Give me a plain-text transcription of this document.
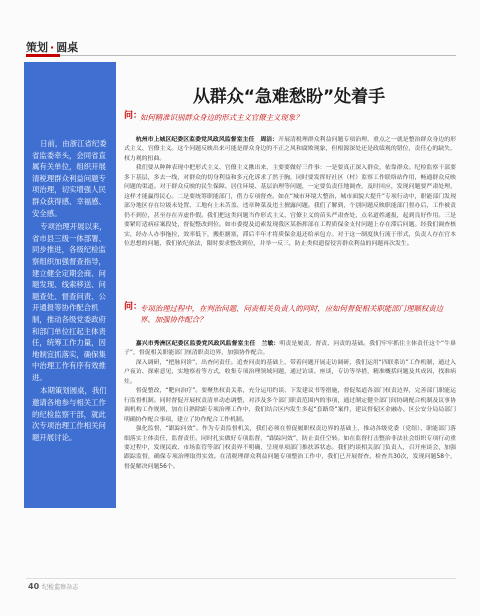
策划 · 圆桌

日前，由浙江省纪委省监委牵头，会同省直属有关单位，组织开展清税理群众利益问题专项治理，切实增强人民群众获得感、幸福感、安全感。

专项治理开展以来，省市县三级一体部署、同步推进，各级纪检监察组织加强督查指导，建立健全定期会商、问题发现、线索移送、问题查处、督查问责、公开通报等协作配合机制，推动各级党委政府和部门单位扛起主体责任，统筹工作力量，因地制宜抓落实，确保集中治理工作有序有效推进。

本期策划圆桌，我们邀请各地参与相关工作的纪检监察干部，就此次专项治理工作相关问题开展讨论。

从群众“急难愁盼”处着手
问：
如何精准识别群众身边的形式主义官僚主义现象？

杭州市上城区纪委区监委党风政风监督室主任　周洁：开展清税理群众利益问题专项治理，重点之一就是整治群众身边的形式主义、官僚主义。这个问题反映出来可能是群众身边的不正之风和腐败现象，但根源深处还是政绩观的错位，责任心的缺失，权力观的扭曲。

我们要从种种表现中把形式主义、官僚主义揪出来，主要要做好三件事：一是要真正深入群众，依靠群众。纪检监察干部要多下基层，多去一线，对群众的切身利益和多元化诉求了然于胸，同时要发挥好社区（村）监察工作联络站作用，畅通群众反映问题的渠道。对于群众反映的民生保障、居住环境、基层治理等问题，一定要负责任地调查，及时回应，发现问题要严肃处理，这样才能赢得民心。二是要统筹职能部门，借力专项督查。如在“城市环境大整治，城市面貌大提升”专项行动中，职能部门发现部分地区存在垃圾未处置、工地有土未苫盖、违章种菜及违土擅露问题。我们了解到，个别问题反映职能部门督办后，工作被责仍不到位，甚至存在弄虚作假。我们把这类问题当作形式主义、官僚主义的苗头严肃查处，点名道姓通报，起到良好作用。三是要紧盯适病症案段处，督促整改到位。如市委提及追索发现我区某指挥部在工程质保金支付问题上存在滞后问题。经我们调查核实，经办人办事拖拉，效率低下，搬拒搪塞，滞后半年才将质保金退还给承包方。对于这一制度执行流于形式，负责人存在官本位思想的问题，我们依纪依法，限时要求整改到位，并举一反三，防止类似遗留侵害群众利益的问题再次发生。

问：
专项治理过程中，在判治问题、问责相关负责人的同时，应如何督促相关职能部门理顺权责边界、加强协作配合？

嘉兴市秀洲区纪委区监委党风政风监督室主任　兰敏：明责是履责、督责、问责的基础。我们牢牢抓住主体责任这个“牛鼻子”，督促相关职能部门厘清职责边界，加强协作配合。

深入调研，“把脉问诊”，出查问责任。追查问责的基础上，带着问题开展走访调研，我们运用“四联系访”工作机制，通过入户夜访、探索意见，实地察看等方式，收集专项治理领域问题，通过访谈、座谈，专访等举措，精准概括问题及其成因，找准病灶。

督促整改，“靶向治疗”。要聚焦权责关系，充分运用约谈、下发建议书等措施，督促渠道各部门权责边界，完善部门职能运行监督机制。同时督促开展权责清单动态调整，对涉及多个部门职责范围内的事项，通过制定健全部门间协调配合机制及议事协调机构工作规则，加在日熟除距专项治理工作中，我们结合区内发生多起“套路贷”案件，建议督促区金融办、区公安分局局部门明确协作配合事项，建立了协作配合工作机制。

强化监督，“跟踪问效”。作为专责监督机关，我们必须在督促履职权责边界的基础上，推动各级党委（党组）、职能部门落细落实主体责任，监督责任。同时扎实做好专项监督，“跟踪问效”，防止责任空转。如在监督打击整治非法社会组织专项行动重要过程中，发现民政、市场监管等部门权责界不明确，呈现单项部门推扶诉状态。我们约谈相关部门负责人，召开座谈会，加强跟踪监督，确保专项治理取得实效。在清税理群众利益问题专项整治工作中，我们已开展督查、检查共30次，发现问题58个，督促解决问题56个。

40 纪检监察杂志
